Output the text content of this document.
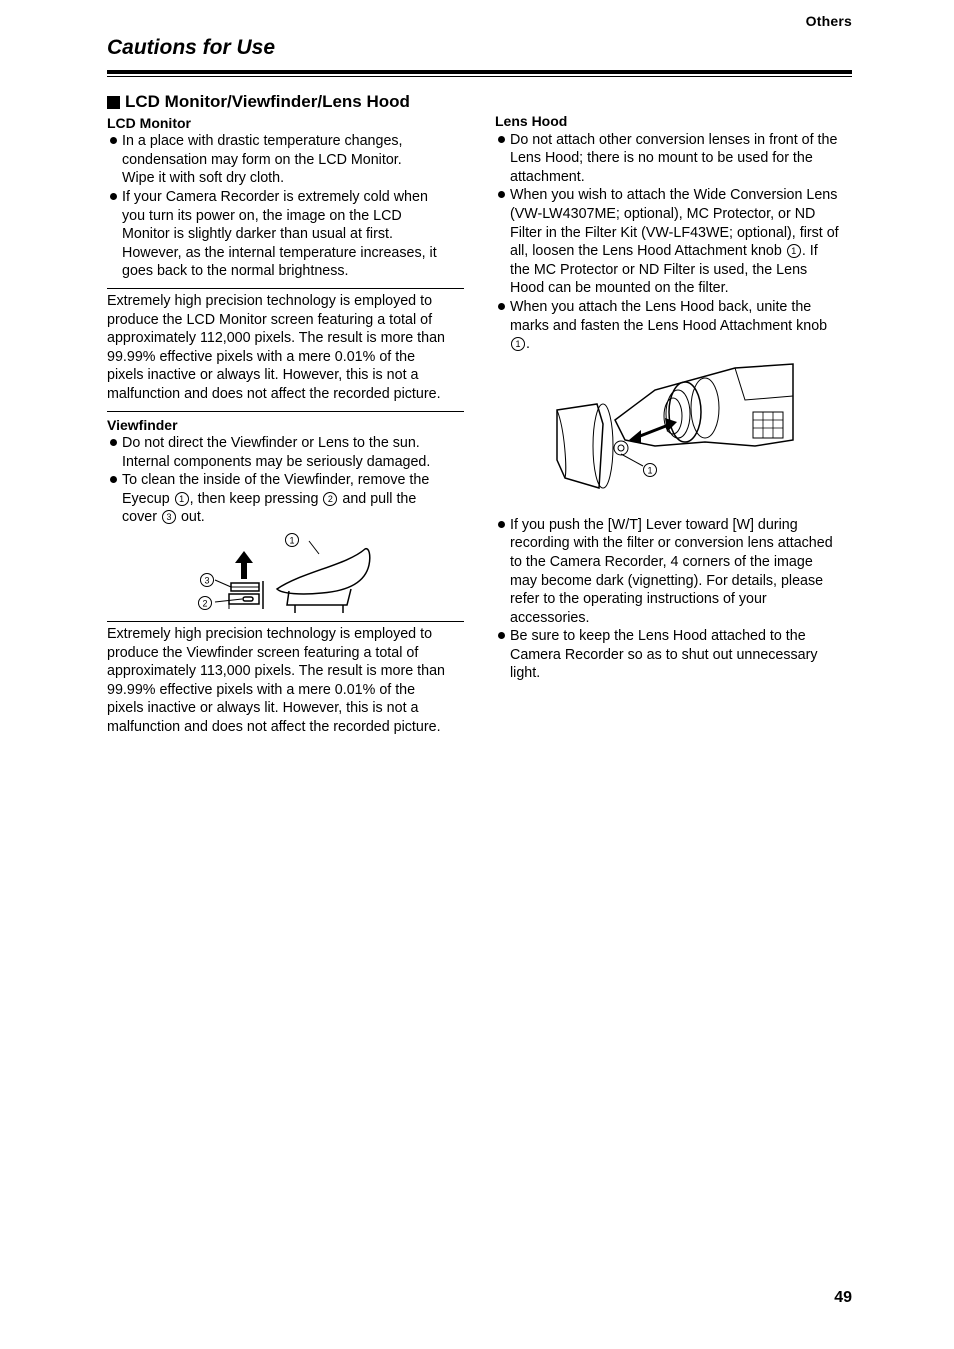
Others
Cautions for Use
LCD Monitor/Viewfinder/Lens Hood
LCD Monitor
In a place with drastic temperature changes,
condensation may form on the LCD Monitor.
Wipe it with soft dry cloth.
If your Camera Recorder is extremely cold when
you turn its power on, the image on the LCD
Monitor is slightly darker than usual at first.
However, as the internal temperature increases, it
goes back to the normal brightness.
Extremely high precision technology is employed to
produce the LCD Monitor screen featuring a total of
approximately 112,000 pixels. The result is more than
99.99% effective pixels with a mere 0.01% of the
pixels inactive or always lit. However, this is not a
malfunction and does not affect the recorded picture.
Viewfinder
Do not direct the Viewfinder or Lens to the sun.
Internal components may be seriously damaged.
To clean the inside of the Viewfinder, remove the
Eyecup 1 , then keep pressing 2 and pull the
cover 3 out.
1
3
2
Extremely high precision technology is employed to
produce the Viewfinder screen featuring a total of
approximately 113,000 pixels. The result is more than
99.99% effective pixels with a mere 0.01% of the
pixels inactive or always lit. However, this is not a
malfunction and does not affect the recorded picture.
Lens Hood
Do not attach other conversion lenses in front of the
Lens Hood; there is no mount to be used for the
attachment.
When you wish to attach the Wide Conversion Lens
(VW-LW4307ME; optional), MC Protector, or ND
Filter in the Filter Kit (VW-LF43WE; optional), first of
all, loosen the Lens Hood Attachment knob 1 . If
the MC Protector or ND Filter is used, the Lens
Hood can be mounted on the filter.
When you attach the Lens Hood back, unite the
marks and fasten the Lens Hood Attachment knob
1 .
1
If you push the [W/T] Lever toward [W] during
recording with the filter or conversion lens attached
to the Camera Recorder, 4 corners of the image
may become dark (vignetting). For details, please
refer to the operating instructions of your
accessories.
Be sure to keep the Lens Hood attached to the
Camera Recorder so as to shut out unnecessary
light.
49
